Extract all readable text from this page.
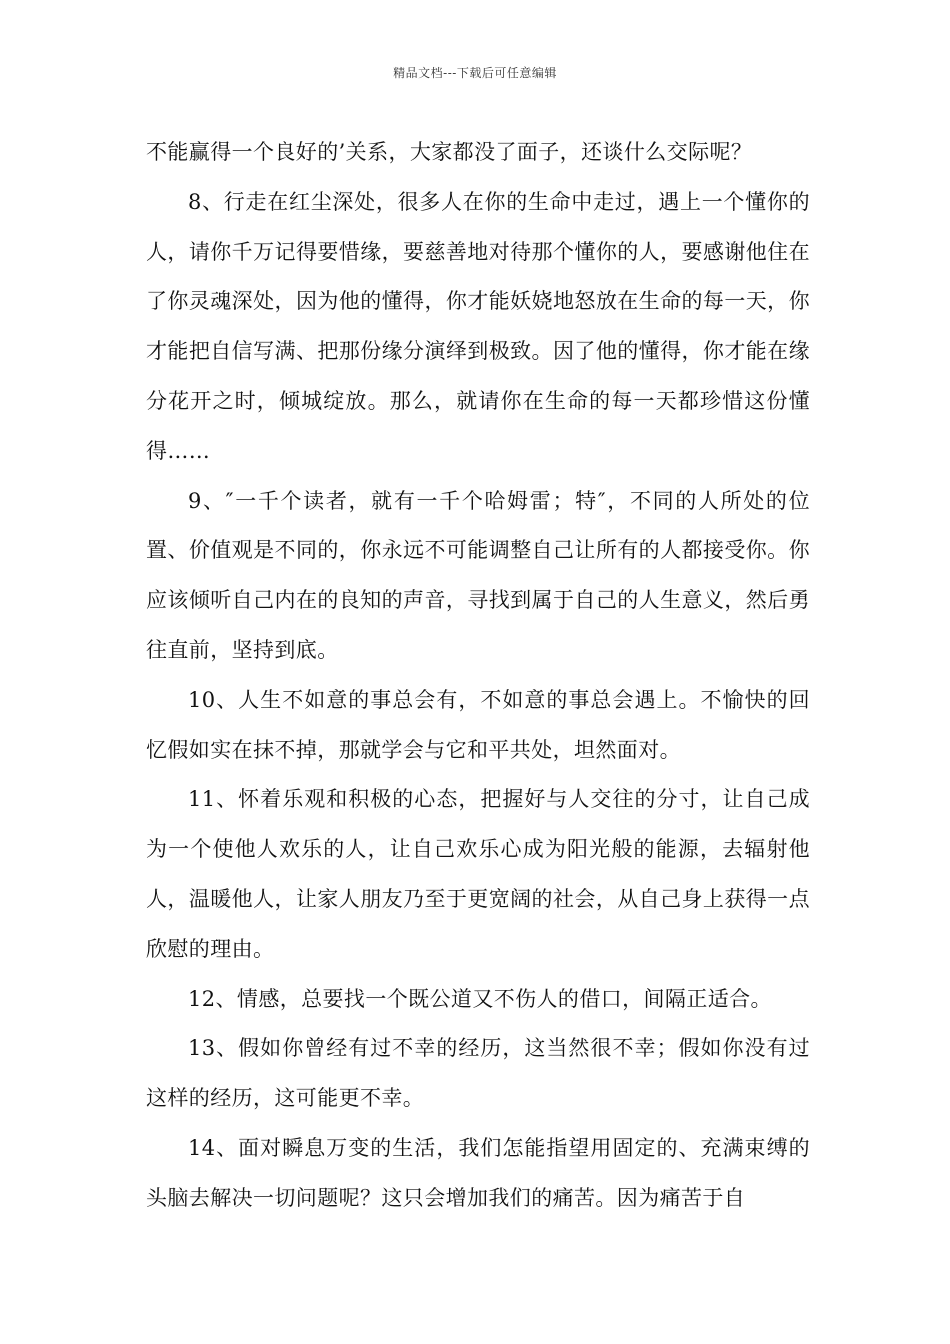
精品文档---下载后可任意编辑

不能赢得一个良好的’关系，大家都没了面子，还谈什么交际呢？

8、行走在红尘深处，很多人在你的生命中走过，遇上一个懂你的人，请你千万记得要惜缘，要慈善地对待那个懂你的人，要感谢他住在了你灵魂深处，因为他的懂得，你才能妖娆地怒放在生命的每一天，你才能把自信写满、把那份缘分演绎到极致。因了他的懂得，你才能在缘分花开之时，倾城绽放。那么，就请你在生命的每一天都珍惜这份懂得……

9、″一千个读者，就有一千个哈姆雷；特″，不同的人所处的位置、价值观是不同的，你永远不可能调整自己让所有的人都接受你。你应该倾听自己内在的良知的声音，寻找到属于自己的人生意义，然后勇往直前，坚持到底。

10、人生不如意的事总会有，不如意的事总会遇上。不愉快的回忆假如实在抹不掉，那就学会与它和平共处，坦然面对。

11、怀着乐观和积极的心态，把握好与人交往的分寸，让自己成为一个使他人欢乐的人，让自己欢乐心成为阳光般的能源，去辐射他人，温暖他人，让家人朋友乃至于更宽阔的社会，从自己身上获得一点欣慰的理由。

12、情感，总要找一个既公道又不伤人的借口，间隔正适合。

13、假如你曾经有过不幸的经历，这当然很不幸；假如你没有过这样的经历，这可能更不幸。

14、面对瞬息万变的生活，我们怎能指望用固定的、充满束缚的头脑去解决一切问题呢？这只会增加我们的痛苦。因为痛苦于自
